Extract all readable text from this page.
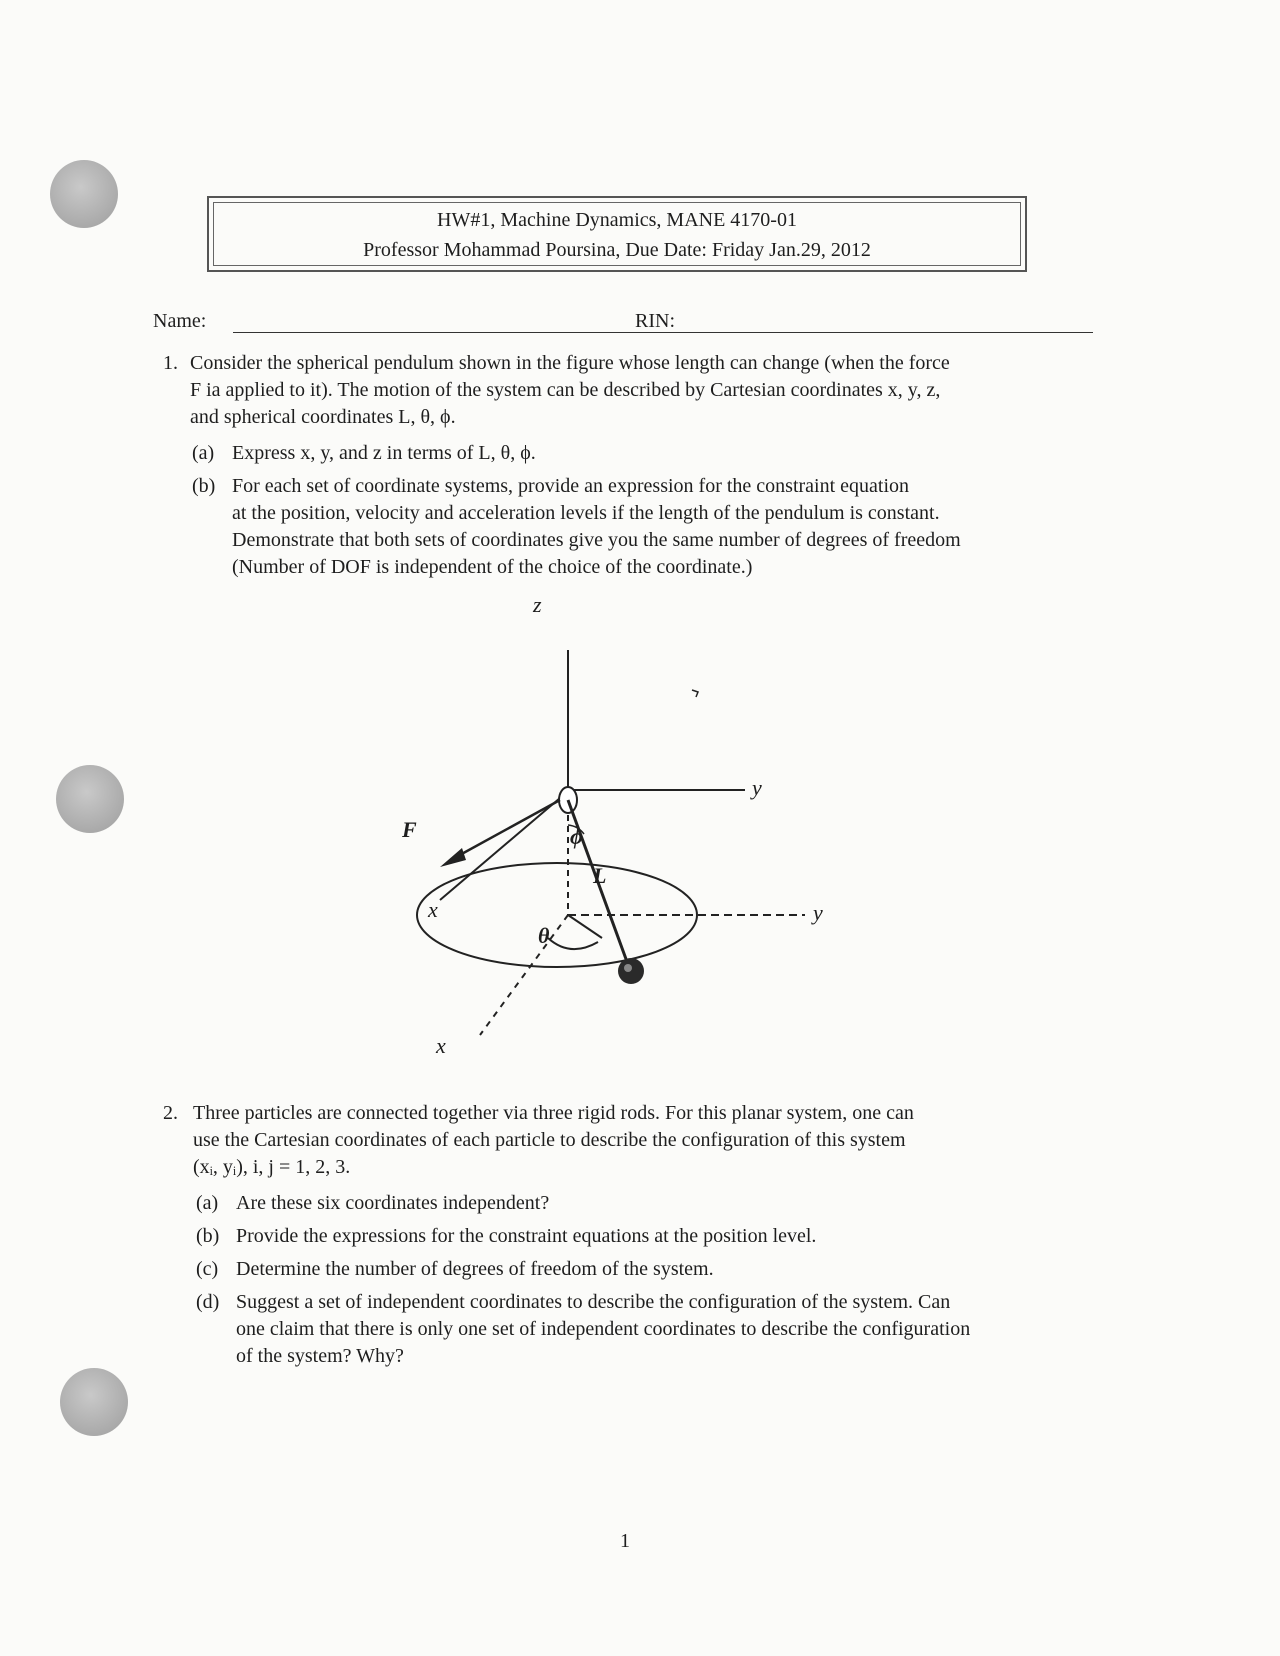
HW#1, Machine Dynamics, MANE 4170-01
Professor Mohammad Poursina, Due Date: Friday Jan.29, 2012
Name:	RIN:
1. Consider the spherical pendulum shown in the figure whose length can change (when the force

F ia applied to it). The motion of the system can be described by Cartesian coordinates x, y, z,

and spherical coordinates L, θ, ϕ.

(a) Express x, y, and z in terms of L, θ, ϕ.
(b) For each set of coordinate systems, provide an expression for the constraint equation

at the position, velocity and acceleration levels if the length of the pendulum is constant.

Demonstrate that both sets of coordinates give you the same number of degrees of freedom

(Number of DOF is independent of the choice of the coordinate.)

z
y
y
x
x
F
L
ϕ
θ
2. Three particles are connected together via three rigid rods. For this planar system, one can

use the Cartesian coordinates of each particle to describe the configuration of this system

(xᵢ, yᵢ), i, j = 1, 2, 3.

(a) Are these six coordinates independent?
(b) Provide the expressions for the constraint equations at the position level.
(c) Determine the number of degrees of freedom of the system.
(d) Suggest a set of independent coordinates to describe the configuration of the system. Can

one claim that there is only one set of independent coordinates to describe the configuration

of the system? Why?

1
